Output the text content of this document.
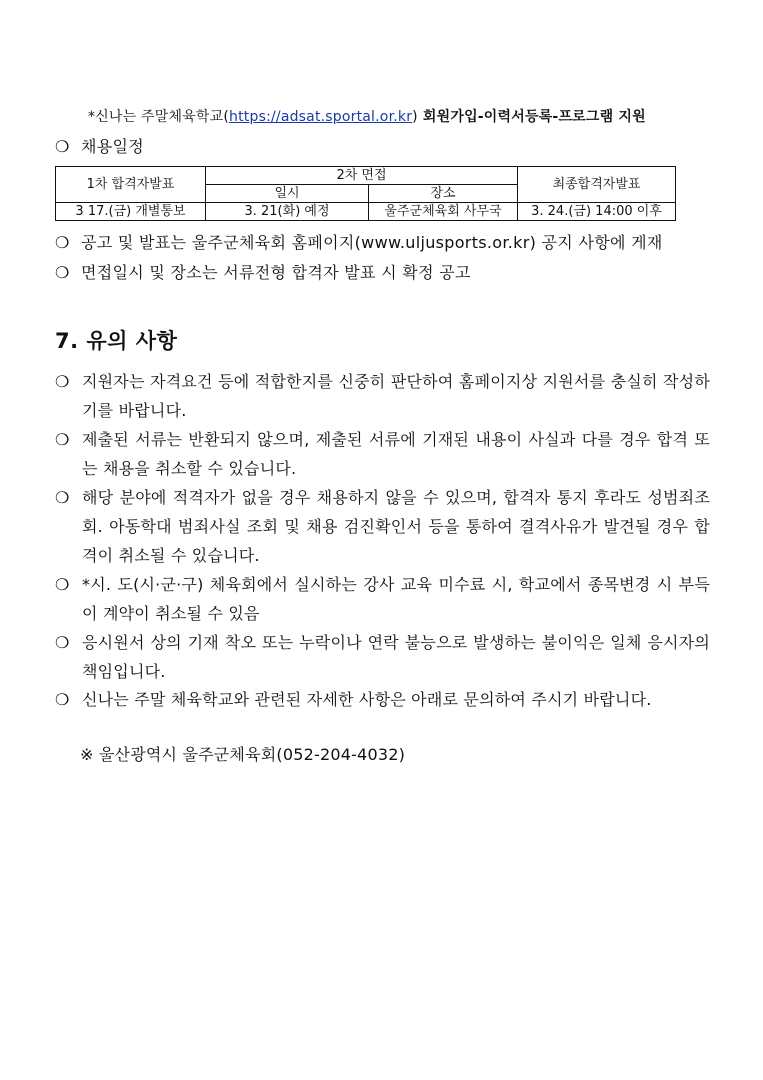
*신나는 주말체육학교(https://adsat.sportal.or.kr) 회원가입-이력서등록-프로그램 지원
❍ 채용일정
1차 합격자발표	2차 면접		최종합격자발표
	일시	장소	
3 17.(금) 개별통보	3. 21(화) 예정	울주군체육회 사무국	3. 24.(금) 14:00 이후
❍ 공고 및 발표는 울주군체육회 홈페이지(www.uljusports.or.kr) 공지 사항에 게재
❍ 면접일시 및 장소는 서류전형 합격자 발표 시 확정 공고
7. 유의 사항
❍ 지원자는 자격요건 등에 적합한지를 신중히 판단하여 홈페이지상 지원서를 충실히 작성하기를 바랍니다.
❍ 제출된 서류는 반환되지 않으며, 제출된 서류에 기재된 내용이 사실과 다를 경우 합격 또는 채용을 취소할 수 있습니다.
❍ 해당 분야에 적격자가 없을 경우 채용하지 않을 수 있으며, 합격자 통지 후라도 성범죄조회. 아동학대 범죄사실 조회 및 채용 검진확인서 등을 통하여 결격사유가 발견될 경우 합격이 취소될 수 있습니다.
❍ *시. 도(시·군·구) 체육회에서 실시하는 강사 교육 미수료 시, 학교에서 종목변경 시 부득이 계약이 취소될 수 있음
❍ 응시원서 상의 기재 착오 또는 누락이나 연락 불능으로 발생하는 불이익은 일체 응시자의 책임입니다.
❍ 신나는 주말 체육학교와 관련된 자세한 사항은 아래로 문의하여 주시기 바랍니다.
※ 울산광역시 울주군체육회(052-204-4032)
